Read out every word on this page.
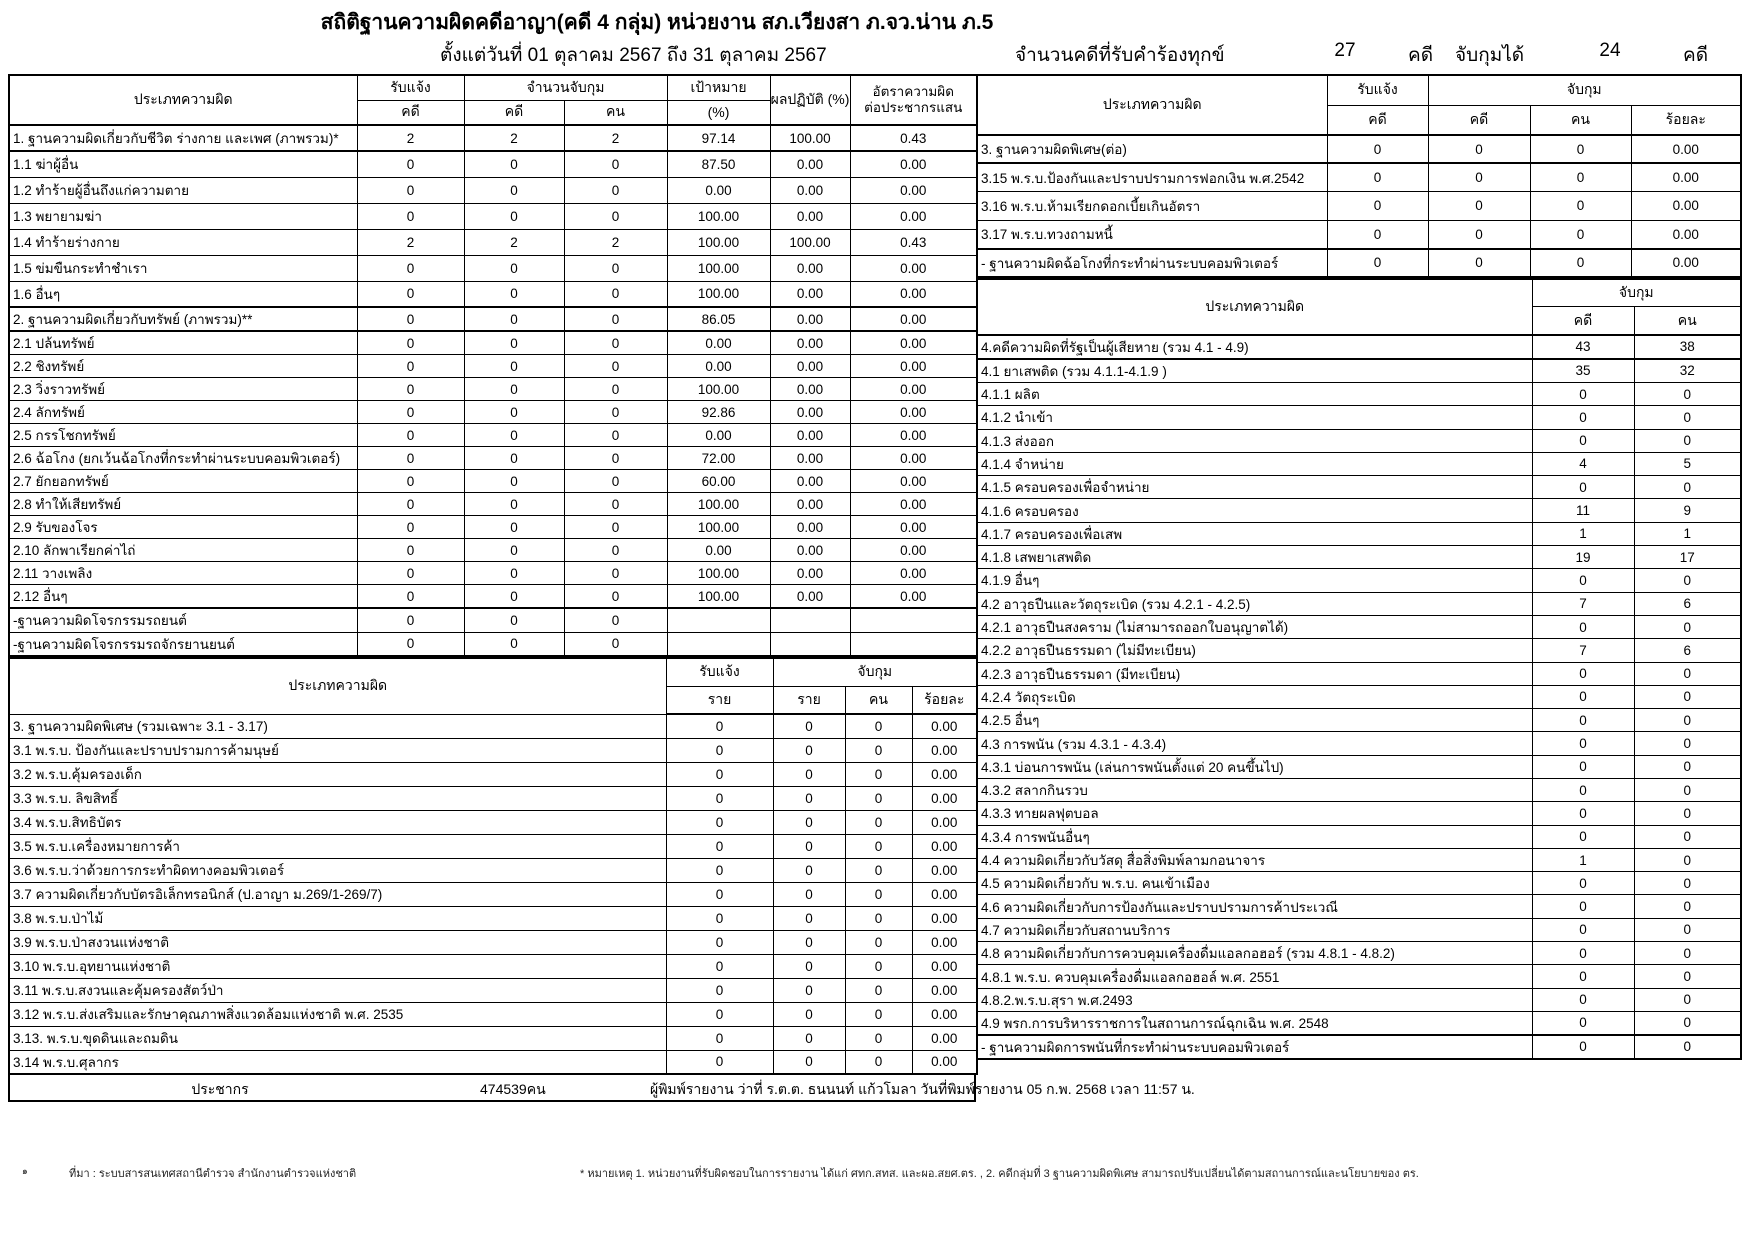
สถิติฐานความผิดคดีอาญา(คดี 4 กลุ่ม) หน่วยงาน สภ.เวียงสา ภ.จว.น่าน ภ.5
ตั้งแต่วันที่ 01 ตุลาคม 2567 ถึง 31 ตุลาคม 2567	จำนวนคดีที่รับคำร้องทุกข์	27	คดี จับกุมได้	24	คดี
ประเภทความผิด	รับแจ้ง	จำนวนจับกุม		เป้าหมาย	ผลปฏิบัติ (%)	อัตราความผิด
ต่อประชากรแสน

	คดี	คดี	คน	(%)		
1. ฐานความผิดเกี่ยวกับชีวิต ร่างกาย และเพศ (ภาพรวม)*	2	2	2	97.14	100.00	0.43
1.1 ฆ่าผู้อื่น	0	0	0	87.50	0.00	0.00
1.2 ทำร้ายผู้อื่นถึงแก่ความตาย	0	0	0	0.00	0.00	0.00
1.3 พยายามฆ่า	0	0	0	100.00	0.00	0.00
1.4 ทำร้ายร่างกาย	2	2	2	100.00	100.00	0.43
1.5 ข่มขืนกระทำชำเรา	0	0	0	100.00	0.00	0.00
1.6 อื่นๆ	0	0	0	100.00	0.00	0.00
2. ฐานความผิดเกี่ยวกับทรัพย์ (ภาพรวม)**	0	0	0	86.05	0.00	0.00
2.1 ปล้นทรัพย์	0	0	0	0.00	0.00	0.00
2.2 ชิงทรัพย์	0	0	0	0.00	0.00	0.00
2.3 วิ่งราวทรัพย์	0	0	0	100.00	0.00	0.00
2.4 ลักทรัพย์	0	0	0	92.86	0.00	0.00
2.5 กรรโชกทรัพย์	0	0	0	0.00	0.00	0.00
2.6 ฉ้อโกง (ยกเว้นฉ้อโกงที่กระทำผ่านระบบคอมพิวเตอร์)	0	0	0	72.00	0.00	0.00
2.7 ยักยอกทรัพย์	0	0	0	60.00	0.00	0.00
2.8 ทำให้เสียทรัพย์	0	0	0	100.00	0.00	0.00
2.9 รับของโจร	0	0	0	100.00	0.00	0.00
2.10 ลักพาเรียกค่าไถ่	0	0	0	0.00	0.00	0.00
2.11 วางเพลิง	0	0	0	100.00	0.00	0.00
2.12 อื่นๆ	0	0	0	100.00	0.00	0.00
-ฐานความผิดโจรกรรมรถยนต์	0	0	0			
-ฐานความผิดโจรกรรมรถจักรยานยนต์	0	0	0			
ประเภทความผิด	รับแจ้ง	จับกุม		
	ราย	ราย	คน	ร้อยละ
3. ฐานความผิดพิเศษ (รวมเฉพาะ 3.1 - 3.17)	0	0	0	0.00
3.1 พ.ร.บ. ป้องกันและปราบปรามการค้ามนุษย์	0	0	0	0.00
3.2 พ.ร.บ.คุ้มครองเด็ก	0	0	0	0.00
3.3 พ.ร.บ. ลิขสิทธิ์	0	0	0	0.00
3.4 พ.ร.บ.สิทธิบัตร	0	0	0	0.00
3.5 พ.ร.บ.เครื่องหมายการค้า	0	0	0	0.00
3.6 พ.ร.บ.ว่าด้วยการกระทำผิดทางคอมพิวเตอร์	0	0	0	0.00
3.7 ความผิดเกี่ยวกับบัตรอิเล็กทรอนิกส์ (ป.อาญา ม.269/1-269/7)	0	0	0	0.00
3.8 พ.ร.บ.ป่าไม้	0	0	0	0.00
3.9 พ.ร.บ.ป่าสงวนแห่งชาติ	0	0	0	0.00
3.10 พ.ร.บ.อุทยานแห่งชาติ	0	0	0	0.00
3.11 พ.ร.บ.สงวนและคุ้มครองสัตว์ป่า	0	0	0	0.00
3.12 พ.ร.บ.ส่งเสริมและรักษาคุณภาพสิ่งแวดล้อมแห่งชาติ พ.ศ. 2535	0	0	0	0.00
3.13. พ.ร.บ.ขุดดินและถมดิน	0	0	0	0.00
3.14 พ.ร.บ.ศุลากร	0	0	0	0.00
ประชากร	474539คน	ผู้พิมพ์รายงาน ว่าที่ ร.ต.ต. ธนนนท์ แก้วโมลา วันที่พิมพ์รายงาน 05 ก.พ. 2568 เวลา 11:57 น.
ประเภทความผิด	รับแจ้ง	จับกุม		
	คดี	คดี	คน	ร้อยละ
3. ฐานความผิดพิเศษ(ต่อ)	0	0	0	0.00
3.15 พ.ร.บ.ป้องกันและปราบปรามการฟอกเงิน พ.ศ.2542	0	0	0	0.00
3.16 พ.ร.บ.ห้ามเรียกดอกเบี้ยเกินอัตรา	0	0	0	0.00
3.17 พ.ร.บ.ทวงถามหนี้	0	0	0	0.00
- ฐานความผิดฉ้อโกงที่กระทำผ่านระบบคอมพิวเตอร์	0	0	0	0.00
ประเภทความผิด	จับกุม	
	คดี	คน
4.คดีความผิดที่รัฐเป็นผู้เสียหาย (รวม 4.1 - 4.9)	43	38
4.1 ยาเสพติด (รวม 4.1.1-4.1.9 )	35	32
4.1.1 ผลิต	0	0
4.1.2 นำเข้า	0	0
4.1.3 ส่งออก	0	0
4.1.4 จำหน่าย	4	5
4.1.5 ครอบครองเพื่อจำหน่าย	0	0
4.1.6 ครอบครอง	11	9
4.1.7 ครอบครองเพื่อเสพ	1	1
4.1.8 เสพยาเสพติด	19	17
4.1.9 อื่นๆ	0	0
4.2 อาวุธปืนและวัตถุระเบิด (รวม 4.2.1 - 4.2.5)	7	6
4.2.1 อาวุธปืนสงคราม (ไม่สามารถออกใบอนุญาตได้)	0	0
4.2.2 อาวุธปืนธรรมดา (ไม่มีทะเบียน)	7	6
4.2.3 อาวุธปืนธรรมดา (มีทะเบียน)	0	0
4.2.4 วัตถุระเบิด	0	0
4.2.5 อื่นๆ	0	0
4.3 การพนัน (รวม 4.3.1 - 4.3.4)	0	0
4.3.1 บ่อนการพนัน (เล่นการพนันตั้งแต่ 20 คนขึ้นไป)	0	0
4.3.2 สลากกินรวบ	0	0
4.3.3 ทายผลฟุตบอล	0	0
4.3.4 การพนันอื่นๆ	0	0
4.4 ความผิดเกี่ยวกับวัสดุ สื่อสิ่งพิมพ์ลามกอนาจาร	1	0
4.5 ความผิดเกี่ยวกับ พ.ร.บ. คนเข้าเมือง	0	0
4.6 ความผิดเกี่ยวกับการป้องกันและปราบปรามการค้าประเวณี	0	0
4.7 ความผิดเกี่ยวกับสถานบริการ	0	0
4.8 ความผิดเกี่ยวกับการควบคุมเครื่องดื่มแอลกอฮอร์ (รวม 4.8.1 - 4.8.2)	0	0
4.8.1 พ.ร.บ. ควบคุมเครื่องดื่มแอลกอฮอล์ พ.ศ. 2551	0	0
4.8.2.พ.ร.บ.สุรา พ.ศ.2493	0	0
4.9 พรก.การบริหารราชการในสถานการณ์ฉุกเฉิน พ.ศ. 2548	0	0
- ฐานความผิดการพนันที่กระทำผ่านระบบคอมพิวเตอร์	0	0
๑	ที่มา : ระบบสารสนเทศสถานีตำรวจ สำนักงานตำรวจแห่งชาติ	* หมายเหตุ 1. หน่วยงานที่รับผิดชอบในการรายงาน ได้แก่ ศทก.สทส. และผอ.สยศ.ตร. , 2. คดีกลุ่มที่ 3 ฐานความผิดพิเศษ สามารถปรับเปลี่ยนได้ตามสถานการณ์และนโยบายของ ตร.
